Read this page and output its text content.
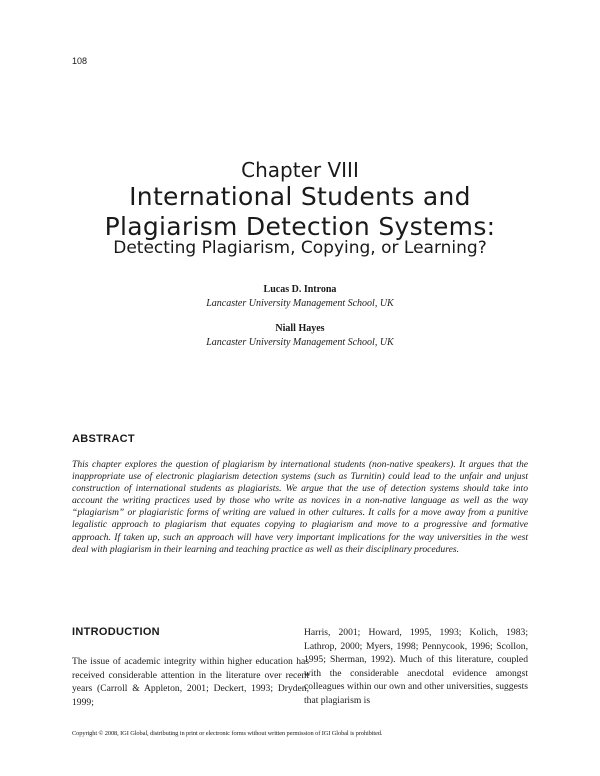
108
Chapter VIII
International Students and
Plagiarism Detection Systems:
Detecting Plagiarism, Copying, or Learning?
Lucas D. Introna
Lancaster University Management School, UK
Niall Hayes
Lancaster University Management School, UK
ABSTRACT
This chapter explores the question of plagiarism by international students (non-native speakers). It argues that the inappropriate use of electronic plagiarism detection systems (such as Turnitin) could lead to the unfair and unjust construction of international students as plagiarists. We argue that the use of detection systems should take into account the writing practices used by those who write as novices in a non-native language as well as the way “plagiarism” or plagiaristic forms of writing are valued in other cultures. It calls for a move away from a punitive legalistic approach to plagiarism that equates copying to plagiarism and move to a progressive and formative approach. If taken up, such an approach will have very important implications for the way universities in the west deal with plagiarism in their learning and teaching practice as well as their disciplinary procedures.
INTRODUCTION
The issue of academic integrity within higher education has received considerable attention in the literature over recent years (Carroll & Appleton, 2001; Deckert, 1993; Dryden, 1999;
Harris, 2001; Howard, 1995, 1993; Kolich, 1983; Lathrop, 2000; Myers, 1998; Pennycook, 1996; Scollon, 1995; Sherman, 1992). Much of this literature, coupled with the considerable anecdotal evidence amongst colleagues within our own and other universities, suggests that plagiarism is
Copyright © 2008, IGI Global, distributing in print or electronic forms without written permission of IGI Global is prohibited.
